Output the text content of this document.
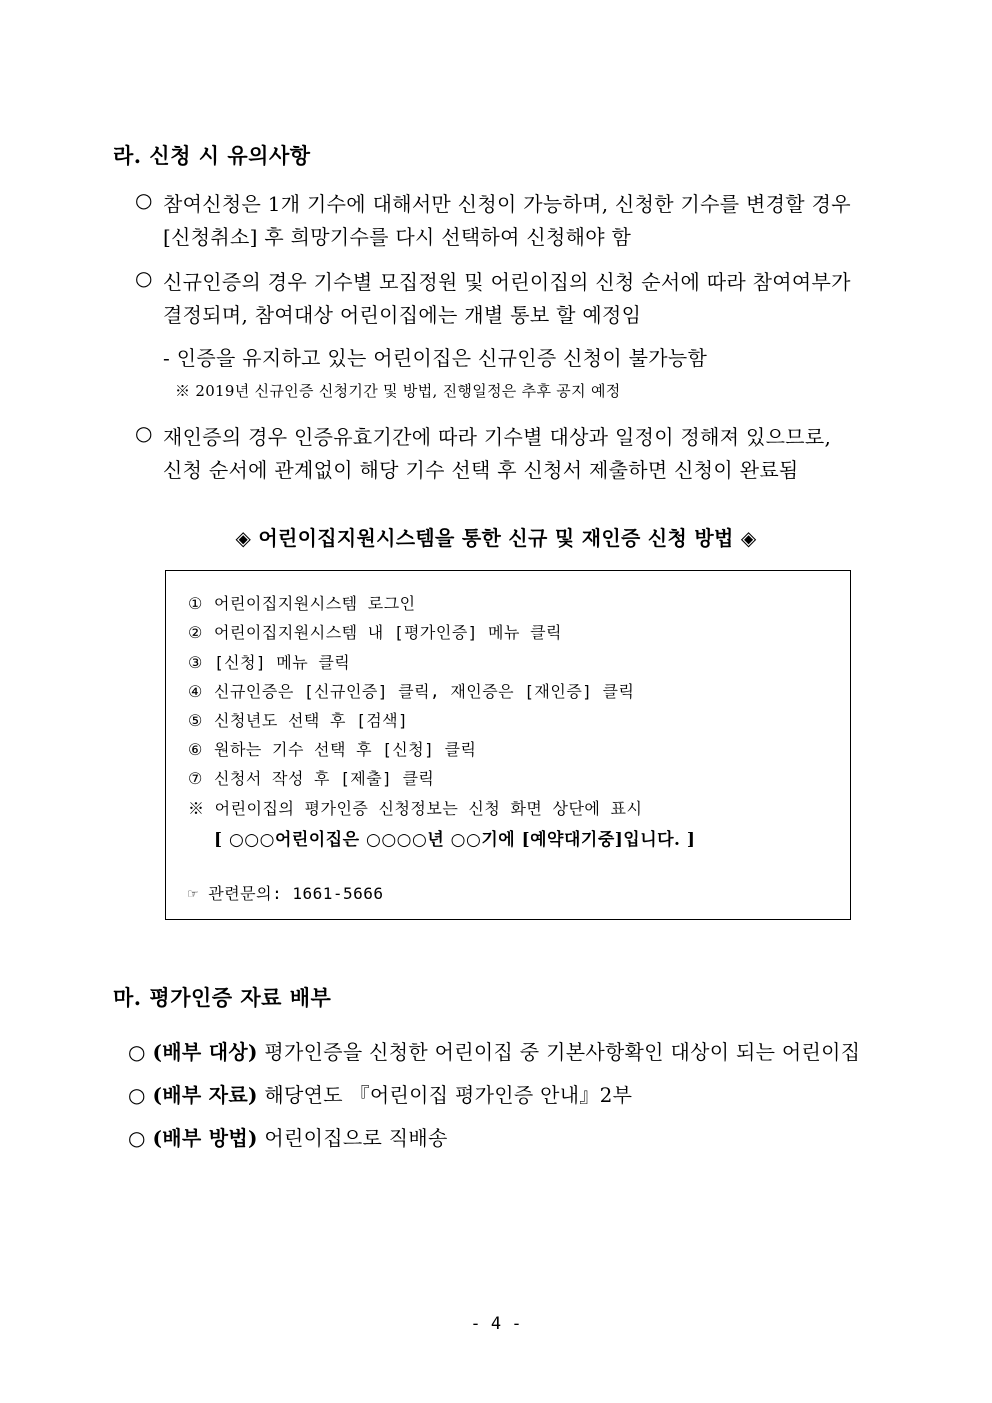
라. 신청 시 유의사항
○ 참여신청은 1개 기수에 대해서만 신청이 가능하며, 신청한 기수를 변경할 경우
[신청취소] 후 희망기수를 다시 선택하여 신청해야 함
○ 신규인증의 경우 기수별 모집정원 및 어린이집의 신청 순서에 따라 참여여부가
결정되며, 참여대상 어린이집에는 개별 통보 할 예정임
- 인증을 유지하고 있는 어린이집은 신규인증 신청이 불가능함
※ 2019년 신규인증 신청기간 및 방법, 진행일정은 추후 공지 예정
○ 재인증의 경우 인증유효기간에 따라 기수별 대상과 일정이 정해져 있으므로,
신청 순서에 관계없이 해당 기수 선택 후 신청서 제출하면 신청이 완료됨
◈ 어린이집지원시스템을 통한 신규 및 재인증 신청 방법 ◈
① 어린이집지원시스템 로그인
② 어린이집지원시스템 내 [평가인증] 메뉴 클릭
③ [신청] 메뉴 클릭
④ 신규인증은 [신규인증] 클릭, 재인증은 [재인증] 클릭
⑤ 신청년도 선택 후 [검색]
⑥ 원하는 기수 선택 후 [신청] 클릭
⑦ 신청서 작성 후 [제출] 클릭
※ 어린이집의 평가인증 신청정보는 신청 화면 상단에 표시
[ ○○○어린이집은 ○○○○년 ○○기에 [예약대기중]입니다. ]
☞ 관련문의: 1661-5666
마. 평가인증 자료 배부
○ (배부 대상) 평가인증을 신청한 어린이집 중 기본사항확인 대상이 되는 어린이집
○ (배부 자료) 해당연도 『어린이집 평가인증 안내』2부
○ (배부 방법) 어린이집으로 직배송
- 4 -
